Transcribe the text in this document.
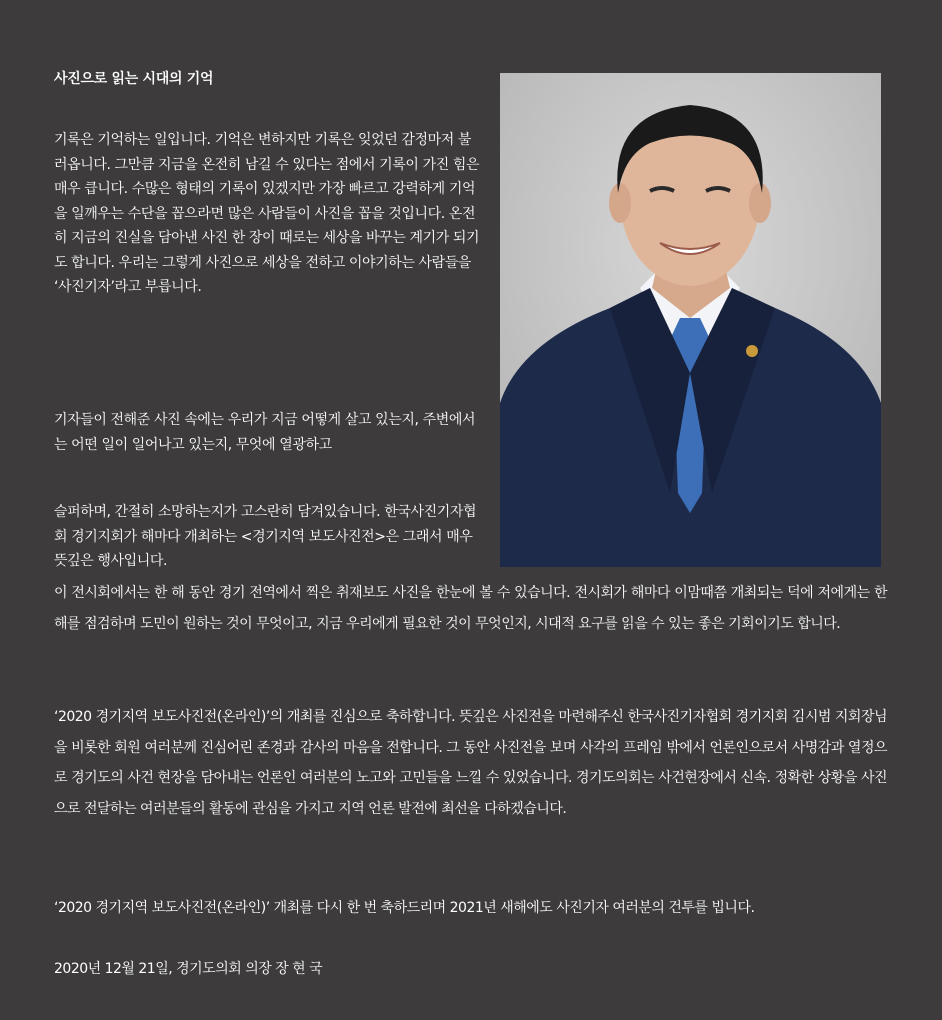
사진으로 읽는 시대의 기억

기록은 기억하는 일입니다. 기억은 변하지만 기록은 잊었던 감정마저 불러옵니다. 그만큼 지금을 온전히 남길 수 있다는 점에서 기록이 가진 힘은 매우 큽니다. 수많은 형태의 기록이 있겠지만 가장 빠르고 강력하게 기억을 일깨우는 수단을 꼽으라면 많은 사람들이 사진을 꼽을 것입니다. 온전히 지금의 진실을 담아낸 사진 한 장이 때로는 세상을 바꾸는 계기가 되기도 합니다. 우리는 그렇게 사진으로 세상을 전하고 이야기하는 사람들을 ‘사진기자’라고 부릅니다.

기자들이 전해준 사진 속에는 우리가 지금 어떻게 살고 있는지, 주변에서는 어떤 일이 일어나고 있는지, 무엇에 열광하고

슬퍼하며, 간절히 소망하는지가 고스란히 담겨있습니다. 한국사진기자협회 경기지회가 해마다 개최하는 <경기지역 보도사진전>은 그래서 매우 뜻깊은 행사입니다.

이 전시회에서는 한 해 동안 경기 전역에서 찍은 취재보도 사진을 한눈에 볼 수 있습니다. 전시회가 해마다 이맘때쯤 개최되는 덕에 저에게는 한 해를 점검하며 도민이 원하는 것이 무엇이고, 지금 우리에게 필요한 것이 무엇인지, 시대적 요구를 읽을 수 있는 좋은 기회이기도 합니다.

‘2020 경기지역 보도사진전(온라인)’의 개최를 진심으로 축하합니다. 뜻깊은 사진전을 마련해주신 한국사진기자협회 경기지회 김시범 지회장님을 비롯한 회원 여러분께 진심어린 존경과 감사의 마음을 전합니다. 그 동안 사진전을 보며 사각의 프레임 밖에서 언론인으로서 사명감과 열정으로 경기도의 사건 현장을 담아내는 언론인 여러분의 노고와 고민들을 느낄 수 있었습니다. 경기도의회는 사건현장에서 신속. 정확한 상황을 사진으로 전달하는 여러분들의 활동에 관심을 가지고 지역 언론 발전에 최선을 다하겠습니다.

‘2020 경기지역 보도사진전(온라인)’ 개최를 다시 한 번 축하드리며 2021년 새해에도 사진기자 여러분의 건투를 빕니다.

2020년 12월 21일, 경기도의회 의장 장 현 국
